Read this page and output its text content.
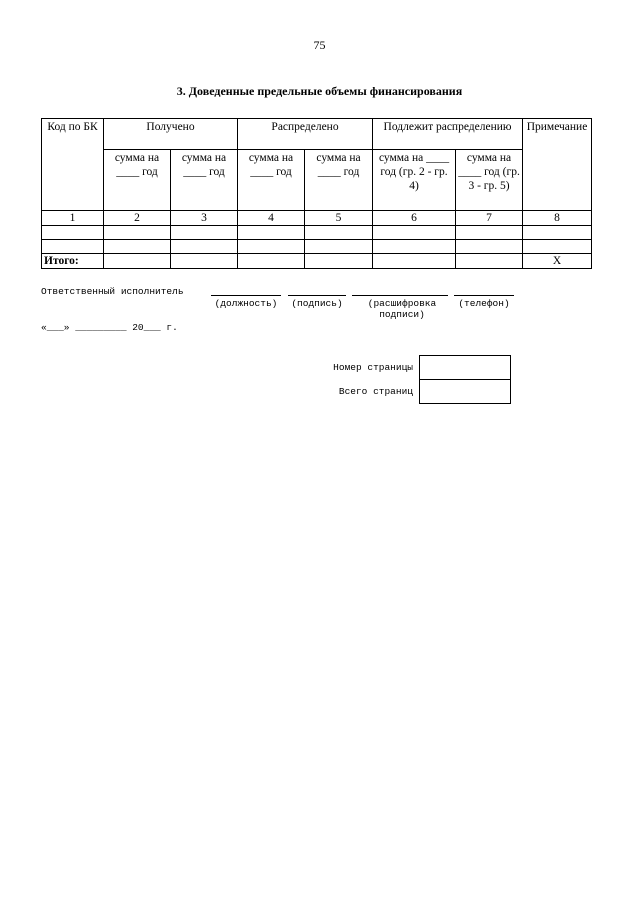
75
3. Доведенные предельные объемы финансирования
Код по БК	Получено		Распределено		Подлежит распределению		Примечание
	сумма на ____ год	сумма на ____ год	сумма на ____ год	сумма на ____ год	сумма на ____ год (гр. 2 - гр. 4)	сумма на ____ год (гр. 3 - гр. 5)	
1	2	3	4	5	6	7	8

Итого:							Х
Ответственный исполнитель
(должность)	(подпись)	(расшифровка подписи)
(телефон)
«___» _________ 20___ г.
Номер страницы
Всего страниц
